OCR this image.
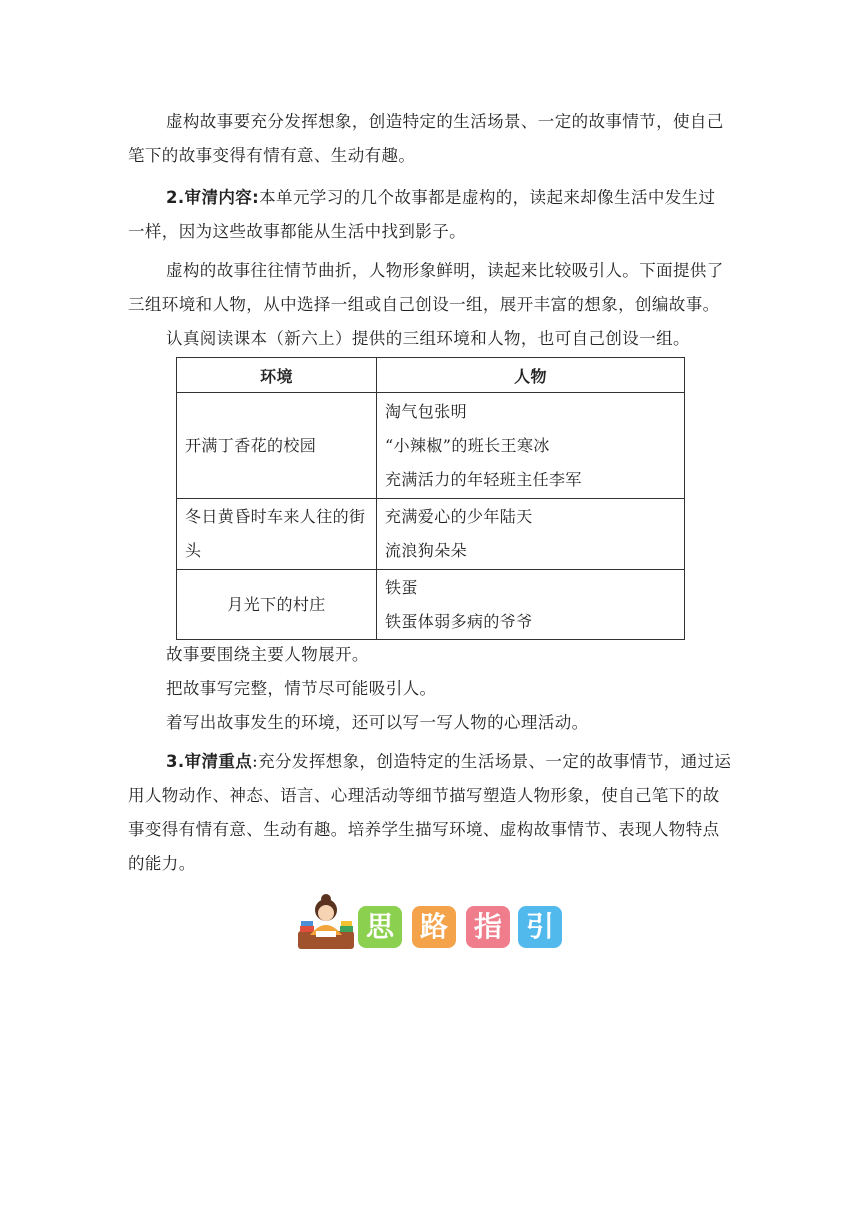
虚构故事要充分发挥想象，创造特定的生活场景、一定的故事情节，使自己笔下的故事变得有情有意、生动有趣。

2.审清内容:本单元学习的几个故事都是虚构的，读起来却像生活中发生过一样，因为这些故事都能从生活中找到影子。

虚构的故事往往情节曲折，人物形象鲜明，读起来比较吸引人。下面提供了三组环境和人物，从中选择一组或自己创设一组，展开丰富的想象，创编故事。

认真阅读课本（新六上）提供的三组环境和人物，也可自己创设一组。

环境	人物
开满丁香花的校园	淘气包张明
“小辣椒”的班长王寒冰
充满活力的年轻班主任李军

冬日黄昏时车来人往的街头	充满爱心的少年陆天
流浪狗朵朵

月光下的村庄	铁蛋
铁蛋体弱多病的爷爷

故事要围绕主要人物展开。

把故事写完整，情节尽可能吸引人。

着写出故事发生的环境，还可以写一写人物的心理活动。

3.审清重点:充分发挥想象，创造特定的生活场景、一定的故事情节，通过运用人物动作、神态、语言、心理活动等细节描写塑造人物形象，使自己笔下的故事变得有情有意、生动有趣。培养学生描写环境、虚构故事情节、表现人物特点的能力。

思 路 指 引
